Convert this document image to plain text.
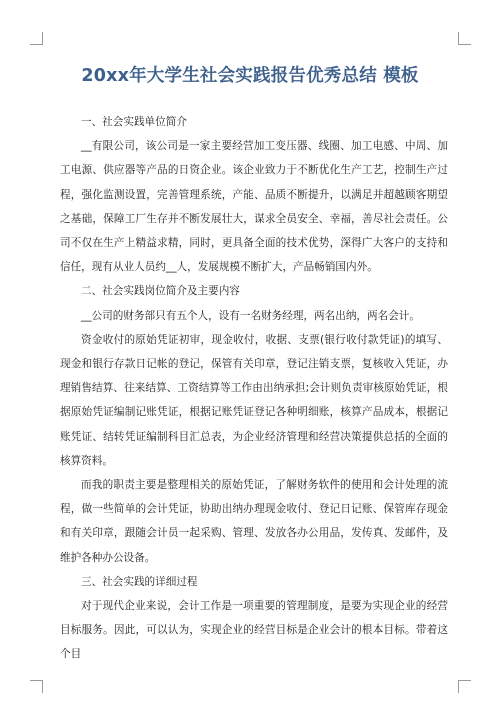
20xx年大学生社会实践报告优秀总结 模板

一、社会实践单位简介

__有限公司，该公司是一家主要经营加工变压器、线圈、加工电感、中周、加工电源、供应器等产品的日资企业。该企业致力于不断优化生产工艺，控制生产过程，强化监测设置，完善管理系统，产能、品质不断提升，以满足并超越顾客期望之基础，保障工厂生存并不断发展壮大，谋求全员安全、幸福，善尽社会责任。公司不仅在生产上精益求精，同时，更具备全面的技术优势，深得广大客户的支持和信任，现有从业人员约__人，发展规模不断扩大，产品畅销国内外。

二、社会实践岗位简介及主要内容

__公司的财务部只有五个人，设有一名财务经理，两名出纳，两名会计。

资金收付的原始凭证初审，现金收付，收据、支票(银行收付款凭证)的填写、现金和银行存款日记帐的登记，保管有关印章，登记注销支票，复核收入凭证，办理销售结算、往来结算、工资结算等工作由出纳承担;会计则负责审核原始凭证，根据原始凭证编制记账凭证，根据记账凭证登记各种明细账，核算产品成本，根据记账凭证、结转凭证编制科目汇总表，为企业经济管理和经营决策提供总括的全面的核算资料。

而我的职责主要是整理相关的原始凭证，了解财务软件的使用和会计处理的流程，做一些简单的会计凭证，协助出纳办理现金收付、登记日记账、保管库存现金和有关印章，跟随会计员一起采购、管理、发放各办公用品，发传真、发邮件，及维护各种办公设备。

三、社会实践的详细过程

对于现代企业来说，会计工作是一项重要的管理制度，是要为实现企业的经营目标服务。因此，可以认为，实现企业的经营目标是企业会计的根本目标。带着这个目
